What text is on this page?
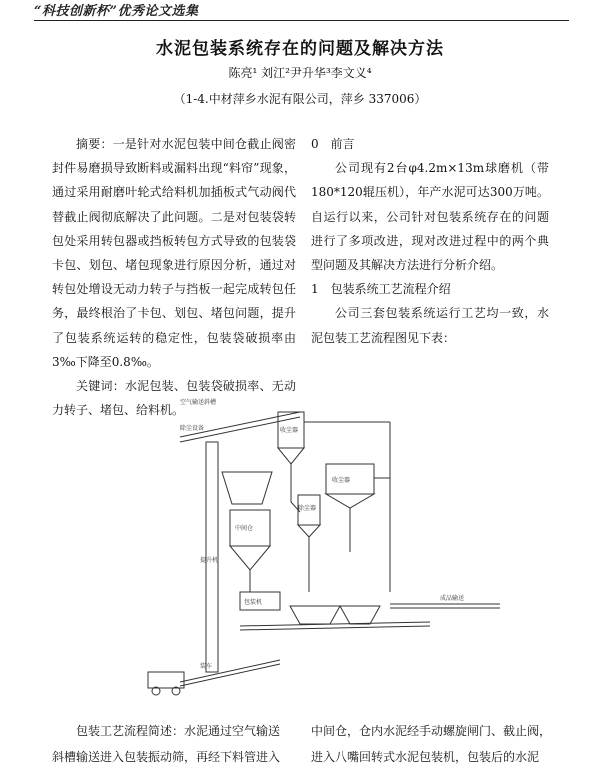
“科技创新杯”优秀论文选集
水泥包装系统存在的问题及解决方法
陈亮¹ 刘江²尹升华³李文义⁴
（1-4.中材萍乡水泥有限公司，萍乡 337006）

摘要：一是针对水泥包装中间仓截止阀密封件易磨损导致断料或漏料出现“料帘”现象，通过采用耐磨叶轮式给料机加插板式气动阀代替截止阀彻底解决了此问题。二是对包装袋转包处采用转包器或挡板转包方式导致的包装袋卡包、划包、堵包现象进行原因分析，通过对转包处增设无动力转子与挡板一起完成转包任务，最终根治了卡包、划包、堵包问题，提升了包装系统运转的稳定性，包装袋破损率由3‰下降至0.8‰。

关键词：水泥包装、包装袋破损率、无动力转子、堵包、给料机。

0　前言

公司现有2台φ4.2m×13m球磨机（带180*120辊压机），年产水泥可达300万吨。自运行以来，公司针对包装系统存在的问题进行了多项改进，现对改进过程中的两个典型问题及其解决方法进行分析介绍。

1　包装系统工艺流程介绍

公司三套包装系统运行工艺均一致，水泥包装工艺流程图见下表：

空气输送斜槽
除尘设备	收尘器
收尘器
中间仓
除尘器
提升机
成品输送
包装机
装车

包装工艺流程简述：水泥通过空气输送

斜槽输送进入包装振动筛，再经下料管进入

中间仓，仓内水泥经手动螺旋闸门、截止阀，

进入八嘴回转式水泥包装机，包装后的水泥
